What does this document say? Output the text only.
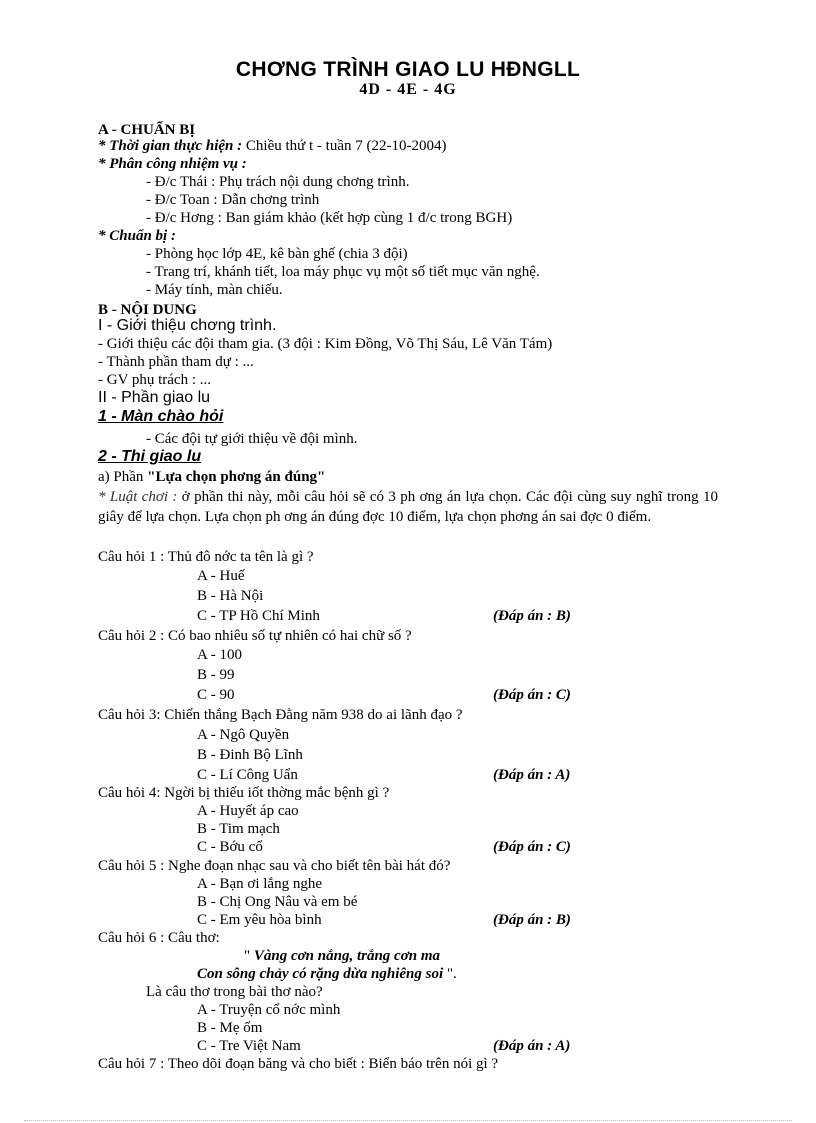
CHƠNG TRÌNH GIAO LU HĐNGLL
4D - 4E - 4G
A - CHUẨN BỊ
* Thời gian thực hiện : Chiều thứ t - tuần 7 (22-10-2004)
* Phân công nhiệm vụ :
- Đ/c Thái : Phụ trách nội dung chơng trình.
- Đ/c Toan : Dẫn chơng trình
- Đ/c Hơng : Ban giám khảo (kết hợp cùng 1 đ/c trong BGH)
* Chuẩn bị :
- Phòng học lớp 4E, kê bàn ghế (chia 3 đội)
- Trang trí, khánh tiết, loa máy phục vụ một số tiết mục văn nghệ.
- Máy tính, màn chiếu.
B - NỘI DUNG
I - Giới thiệu chơng trình.
- Giới thiệu các đội tham gia. (3 đội : Kim Đồng, Võ Thị Sáu, Lê Văn Tám)
- Thành phần tham dự : ...
- GV phụ trách : ...
II - Phần giao lu
1 - Màn chào hỏi
- Các đội tự giới thiệu về đội mình.
2 - Thi giao lu
a) Phần "Lựa chọn phơng án đúng"
* Luật chơi : ở phần thi này, mỗi câu hỏi sẽ có 3 ph ơng án lựa chọn. Các đội cùng suy nghĩ trong 10 giây để lựa chọn. Lựa chọn ph ơng án đúng đợc 10 điểm, lựa chọn phơng án sai đợc 0 điểm.
Câu hỏi 1 : Thủ đô nớc ta tên là gì ?
A - Huế
B - Hà Nội
C - TP Hồ Chí Minh	(Đáp án : B)
Câu hỏi 2 : Có bao nhiêu số tự nhiên có hai chữ số ?
A - 100
B - 99
C - 90	(Đáp án : C)
Câu hỏi 3: Chiến thắng Bạch Đằng năm 938 do ai lãnh đạo ?
A - Ngô Quyền
B - Đinh Bộ Lĩnh
C - Lí Công Uẩn	(Đáp án : A)
Câu hỏi 4: Ngời bị thiếu iốt thờng mắc bệnh gì ?
A - Huyết áp cao
B - Tim mạch
C - Bớu cổ	(Đáp án : C)
Câu hỏi 5 : Nghe đoạn nhạc sau và cho biết tên bài hát đó?
A - Bạn ơi lắng nghe
B - Chị Ong Nâu và em bé
C - Em yêu hòa bình	(Đáp án : B)
Câu hỏi 6 : Câu thơ:
" Vàng cơn nắng, trắng cơn ma
Con sông chảy có rặng dừa nghiêng soi ".
Là câu thơ trong bài thơ nào?
A - Truyện cổ nớc mình
B - Mẹ ốm
C - Tre Việt Nam	(Đáp án : A)
Câu hỏi 7 : Theo dõi đoạn băng và cho biết : Biển báo trên nói gì ?
